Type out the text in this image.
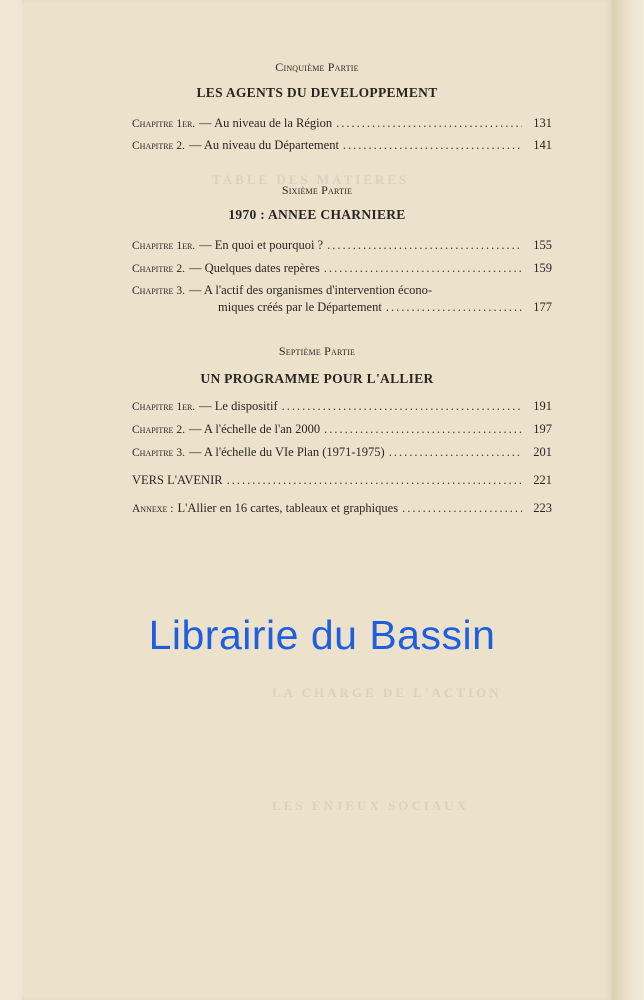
TABLE DES MATIERES
Cinquième Partie
LES AGENTS DU DEVELOPPEMENT
Chapitre 1er. — Au niveau de la Région .....	131
Chapitre 2. — Au niveau du Département .....	141
Sixième Partie
1970 : ANNEE CHARNIERE
Chapitre 1er. — En quoi et pourquoi ? .....	155
Chapitre 2. — Quelques dates repères .....	159
Chapitre 3. — A l'actif des organismes d'intervention écono-
miques créés par le Département .....	177
Septième Partie
UN PROGRAMME POUR L'ALLIER
Chapitre 1er. — Le dispositif .....	191
Chapitre 2. — A l'échelle de l'an 2000 .....	197
Chapitre 3. — A l'échelle du VIe Plan (1971-1975) .....	201
VERS L'AVENIR .....	221
Annexe : L'Allier en 16 cartes, tableaux et graphiques .....	223
LA CHARGE DE L'ACTION
LES ENJEUX SOCIAUX
Librairie du Bassin
